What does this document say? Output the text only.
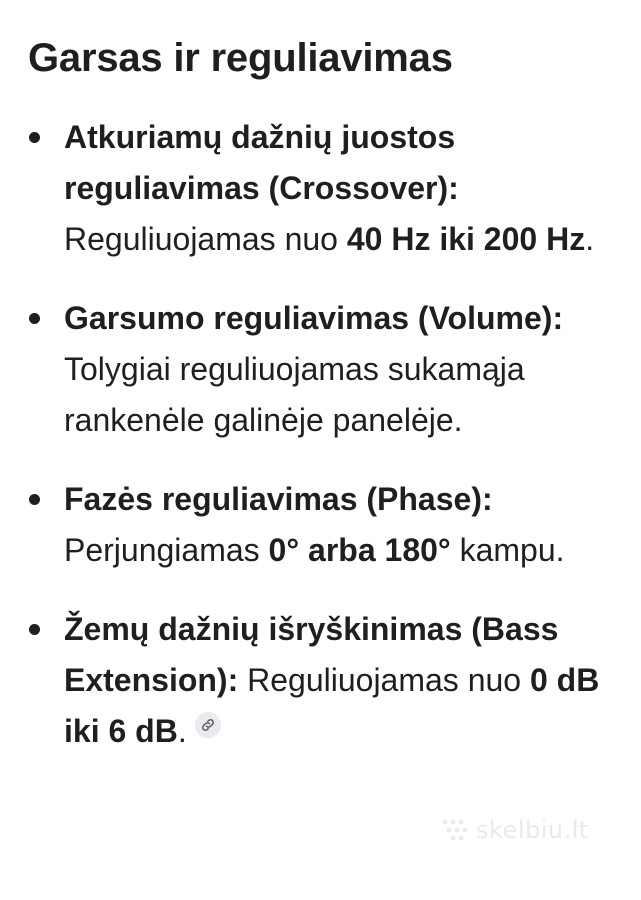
Garsas ir reguliavimas
Atkuriamų dažnių juostos reguliavimas (Crossover): Reguliuojamas nuo 40 Hz iki 200 Hz.
Garsumo reguliavimas (Volume): Tolygiai reguliuojamas sukamąja rankenėle galinėje panelėje.
Fazės reguliavimas (Phase): Perjungiamas 0° arba 180° kampu.
Žemų dažnių išryškinimas (Bass Extension): Reguliuojamas nuo 0 dB iki 6 dB.
skelbiu.lt
